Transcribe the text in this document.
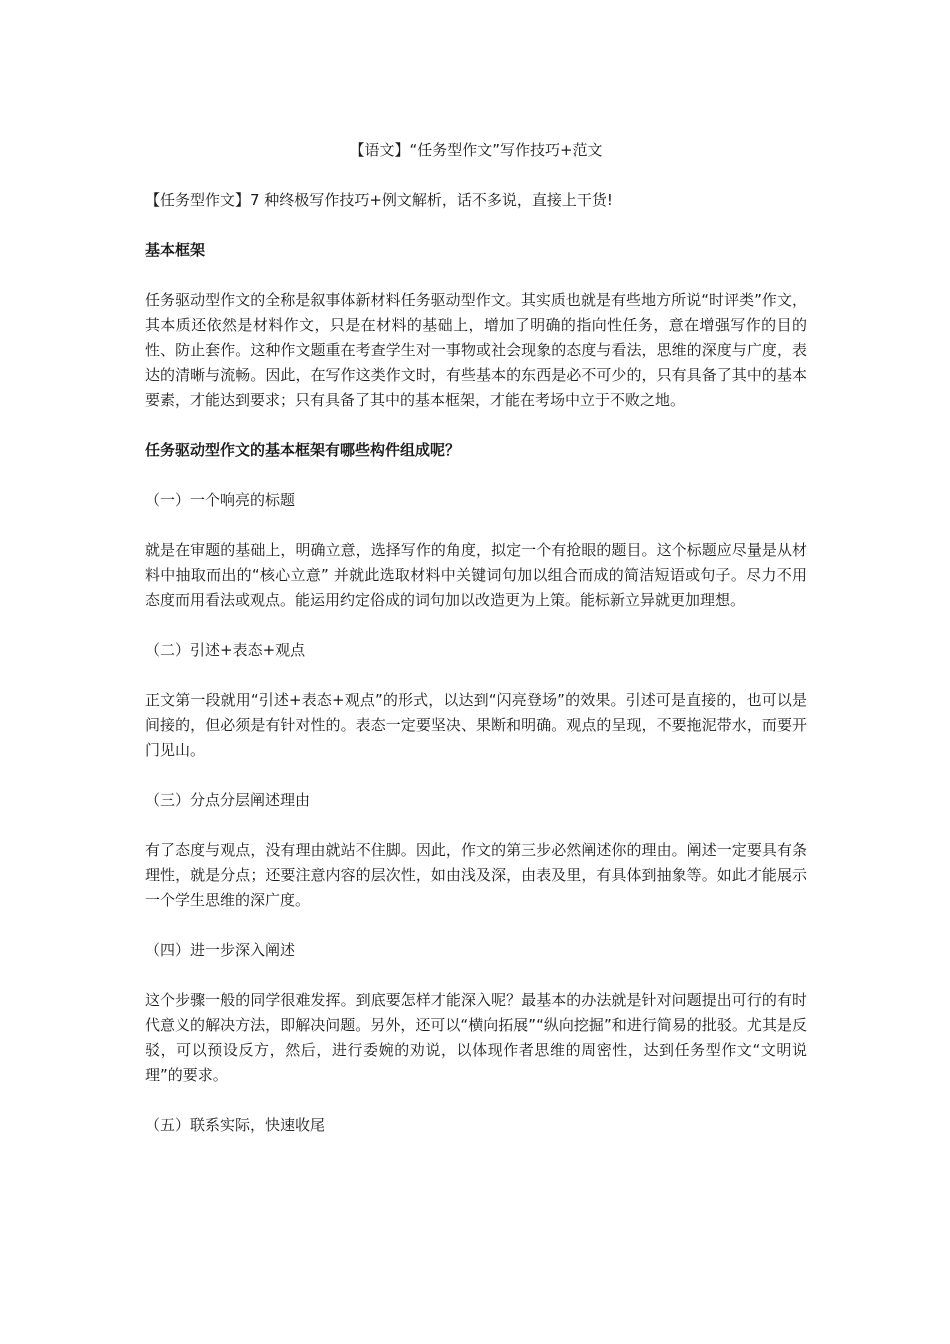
【语文】“任务型作文”写作技巧+范文
【任务型作文】7 种终极写作技巧+例文解析，话不多说，直接上干货!
基本框架
任务驱动型作文的全称是叙事体新材料任务驱动型作文。其实质也就是有些地方所说“时评类”作文，其本质还依然是材料作文，只是在材料的基础上，增加了明确的指向性任务，意在增强写作的目的性、防止套作。这种作文题重在考查学生对一事物或社会现象的态度与看法，思维的深度与广度，表达的清晰与流畅。因此，在写作这类作文时，有些基本的东西是必不可少的，只有具备了其中的基本要素，才能达到要求；只有具备了其中的基本框架，才能在考场中立于不败之地。
任务驱动型作文的基本框架有哪些构件组成呢？
（一）一个响亮的标题
就是在审题的基础上，明确立意，选择写作的角度，拟定一个有抢眼的题目。这个标题应尽量是从材料中抽取而出的“核心立意” 并就此选取材料中关键词句加以组合而成的简洁短语或句子。尽力不用态度而用看法或观点。能运用约定俗成的词句加以改造更为上策。能标新立异就更加理想。
（二）引述+表态+观点
正文第一段就用“引述+表态+观点”的形式，以达到“闪亮登场”的效果。引述可是直接的，也可以是间接的，但必须是有针对性的。表态一定要坚决、果断和明确。观点的呈现，不要拖泥带水，而要开门见山。
（三）分点分层阐述理由
有了态度与观点，没有理由就站不住脚。因此，作文的第三步必然阐述你的理由。阐述一定要具有条理性，就是分点；还要注意内容的层次性，如由浅及深，由表及里，有具体到抽象等。如此才能展示一个学生思维的深广度。
（四）进一步深入阐述
这个步骤一般的同学很难发挥。到底要怎样才能深入呢？最基本的办法就是针对问题提出可行的有时代意义的解决方法，即解决问题。另外，还可以“横向拓展”“纵向挖掘”和进行简易的批驳。尤其是反驳，可以预设反方，然后，进行委婉的劝说，以体现作者思维的周密性，达到任务型作文“文明说理”的要求。
（五）联系实际，快速收尾
